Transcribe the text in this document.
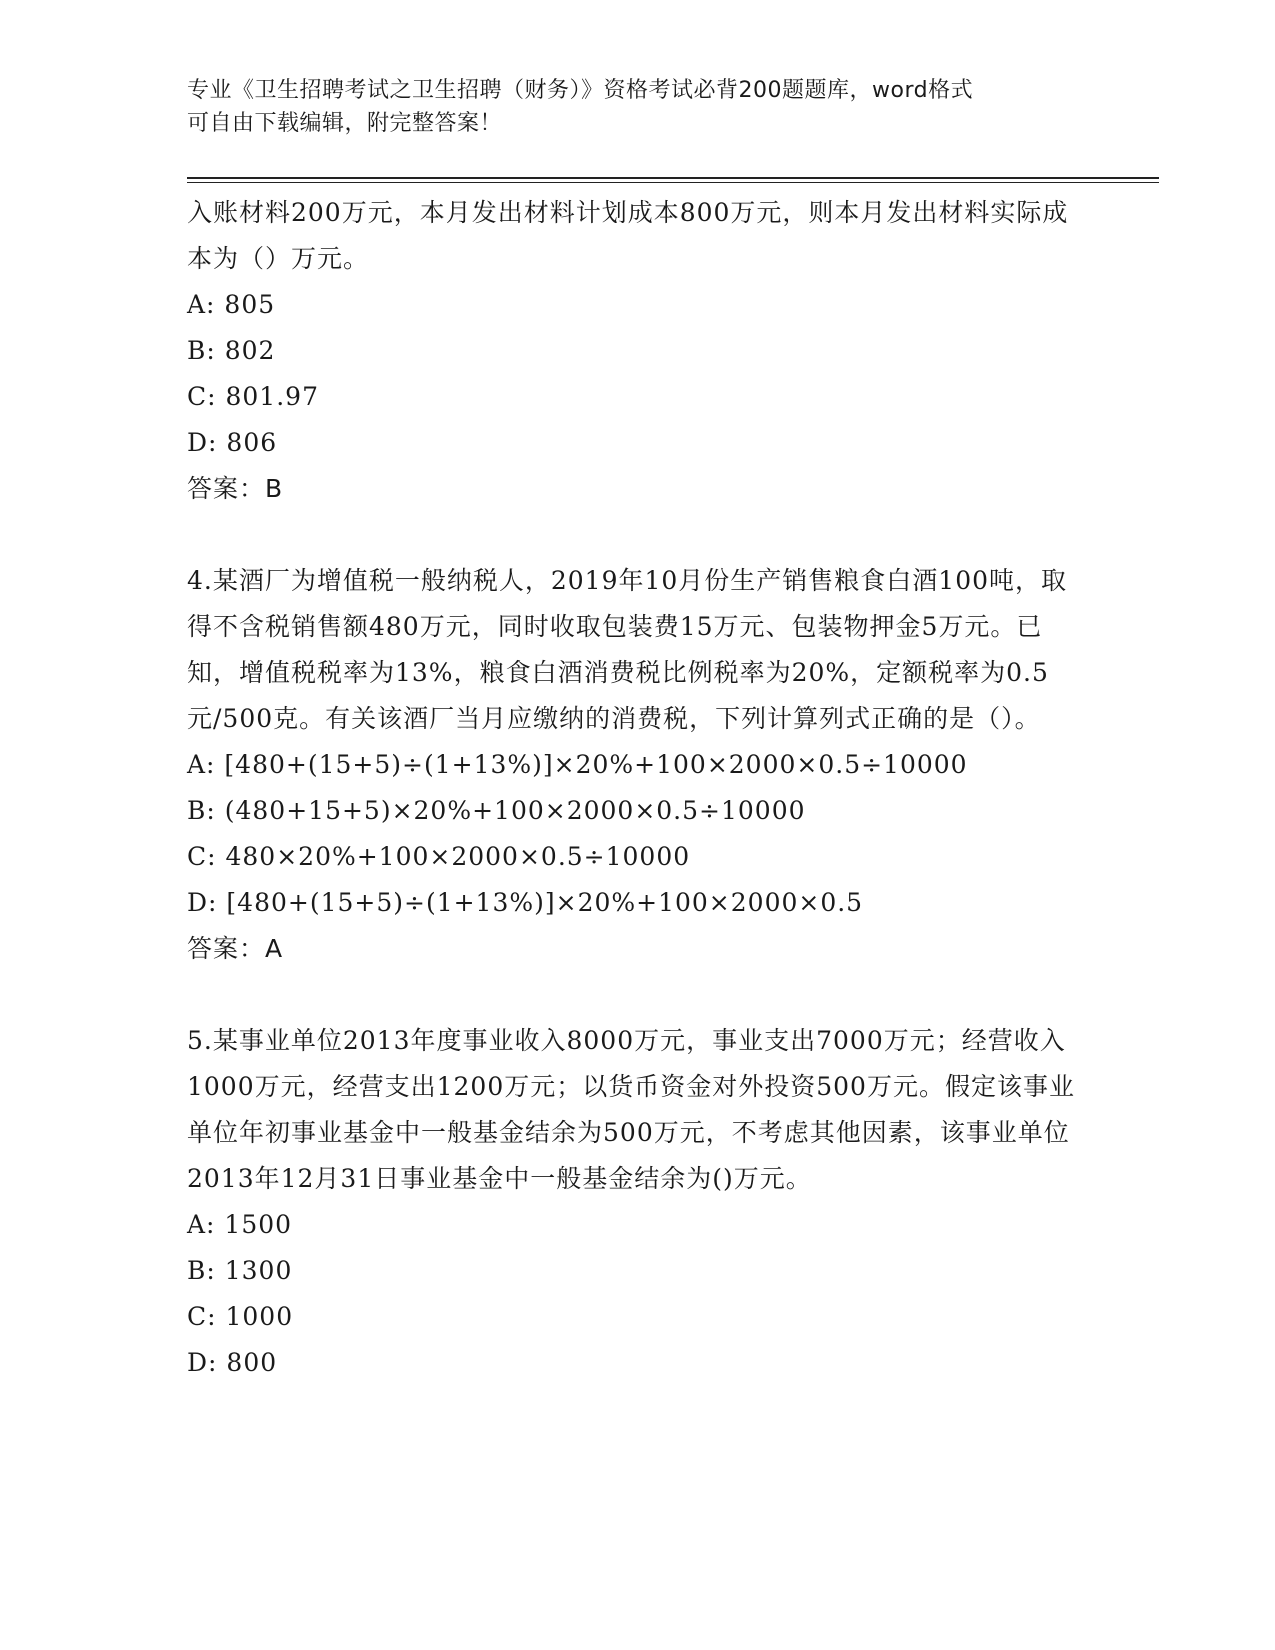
专业《卫生招聘考试之卫生招聘（财务）》资格考试必背200题题库，word格式
可自由下载编辑，附完整答案！

入账材料200万元，本月发出材料计划成本800万元，则本月发出材料实际成本为（）万元。

A: 805

B: 802

C: 801.97

D: 806

答案：B

4.某酒厂为增值税一般纳税人，2019年10月份生产销售粮食白酒100吨，取得不含税销售额480万元，同时收取包装费15万元、包装物押金5万元。已知，增值税税率为13%，粮食白酒消费税比例税率为20%，定额税率为0.5元/500克。有关该酒厂当月应缴纳的消费税，下列计算列式正确的是（）。

A: [480+(15+5)÷(1+13%)]×20%+100×2000×0.5÷10000

B: (480+15+5)×20%+100×2000×0.5÷10000

C: 480×20%+100×2000×0.5÷10000

D: [480+(15+5)÷(1+13%)]×20%+100×2000×0.5

答案：A

5.某事业单位2013年度事业收入8000万元，事业支出7000万元；经营收入1000万元，经营支出1200万元；以货币资金对外投资500万元。假定该事业单位年初事业基金中一般基金结余为500万元，不考虑其他因素，该事业单位2013年12月31日事业基金中一般基金结余为()万元。

A: 1500

B: 1300

C: 1000

D: 800
